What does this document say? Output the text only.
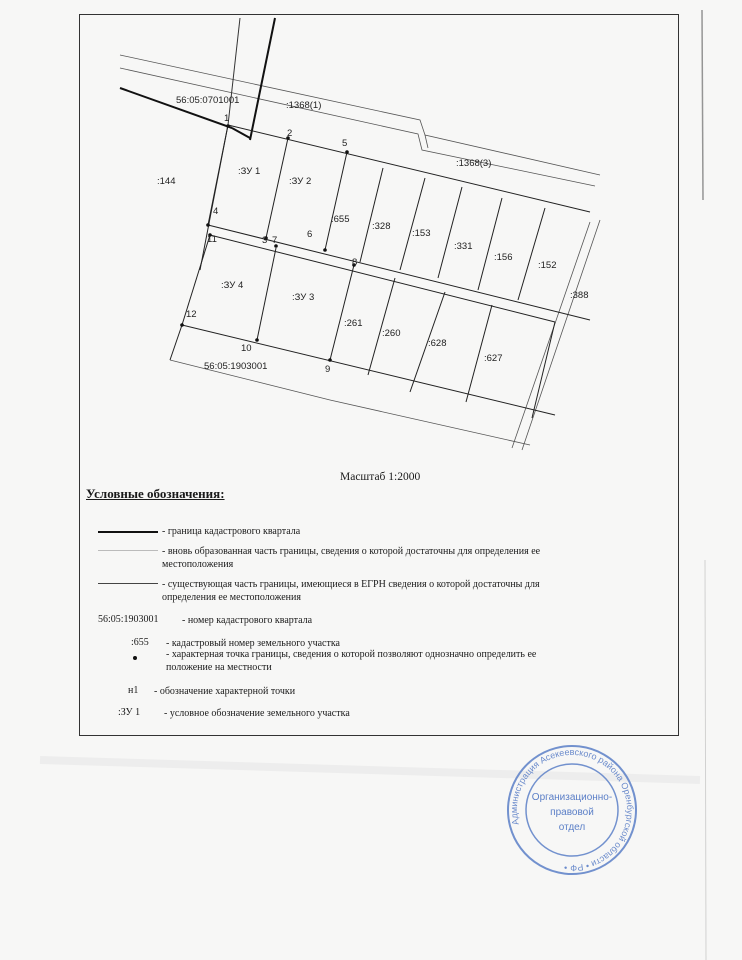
56:05:0701001	:1368(1)
:1368(3)
:388
:144
:655
:328
:153
:331
:156
:152
:261
:260
:628
:627
:ЗУ 1
:ЗУ 2
:ЗУ 3
:ЗУ 4
1
2
5
4
11	6
3 7
8
12
10
9
56:05:1903001
Масштаб 1:2000
Условные обозначения:
- граница кадастрового квартала
- вновь образованная часть границы, сведения о которой достаточны для определения ее местоположения
- существующая часть границы, имеющиеся в ЕГРН сведения о которой достаточны для определения ее местоположения
56:05:1903001 - номер кадастрового квартала
:655 - кадастровый номер земельного участка
- характерная точка границы, сведения о которой позволяют однозначно определить ее положение на местности
н1 - обозначение характерной точки
:ЗУ 1 - условное обозначение земельного участка
Администрация Асекеевского района Оренбургской области • РФ •
Организационно-
правовой
отдел
